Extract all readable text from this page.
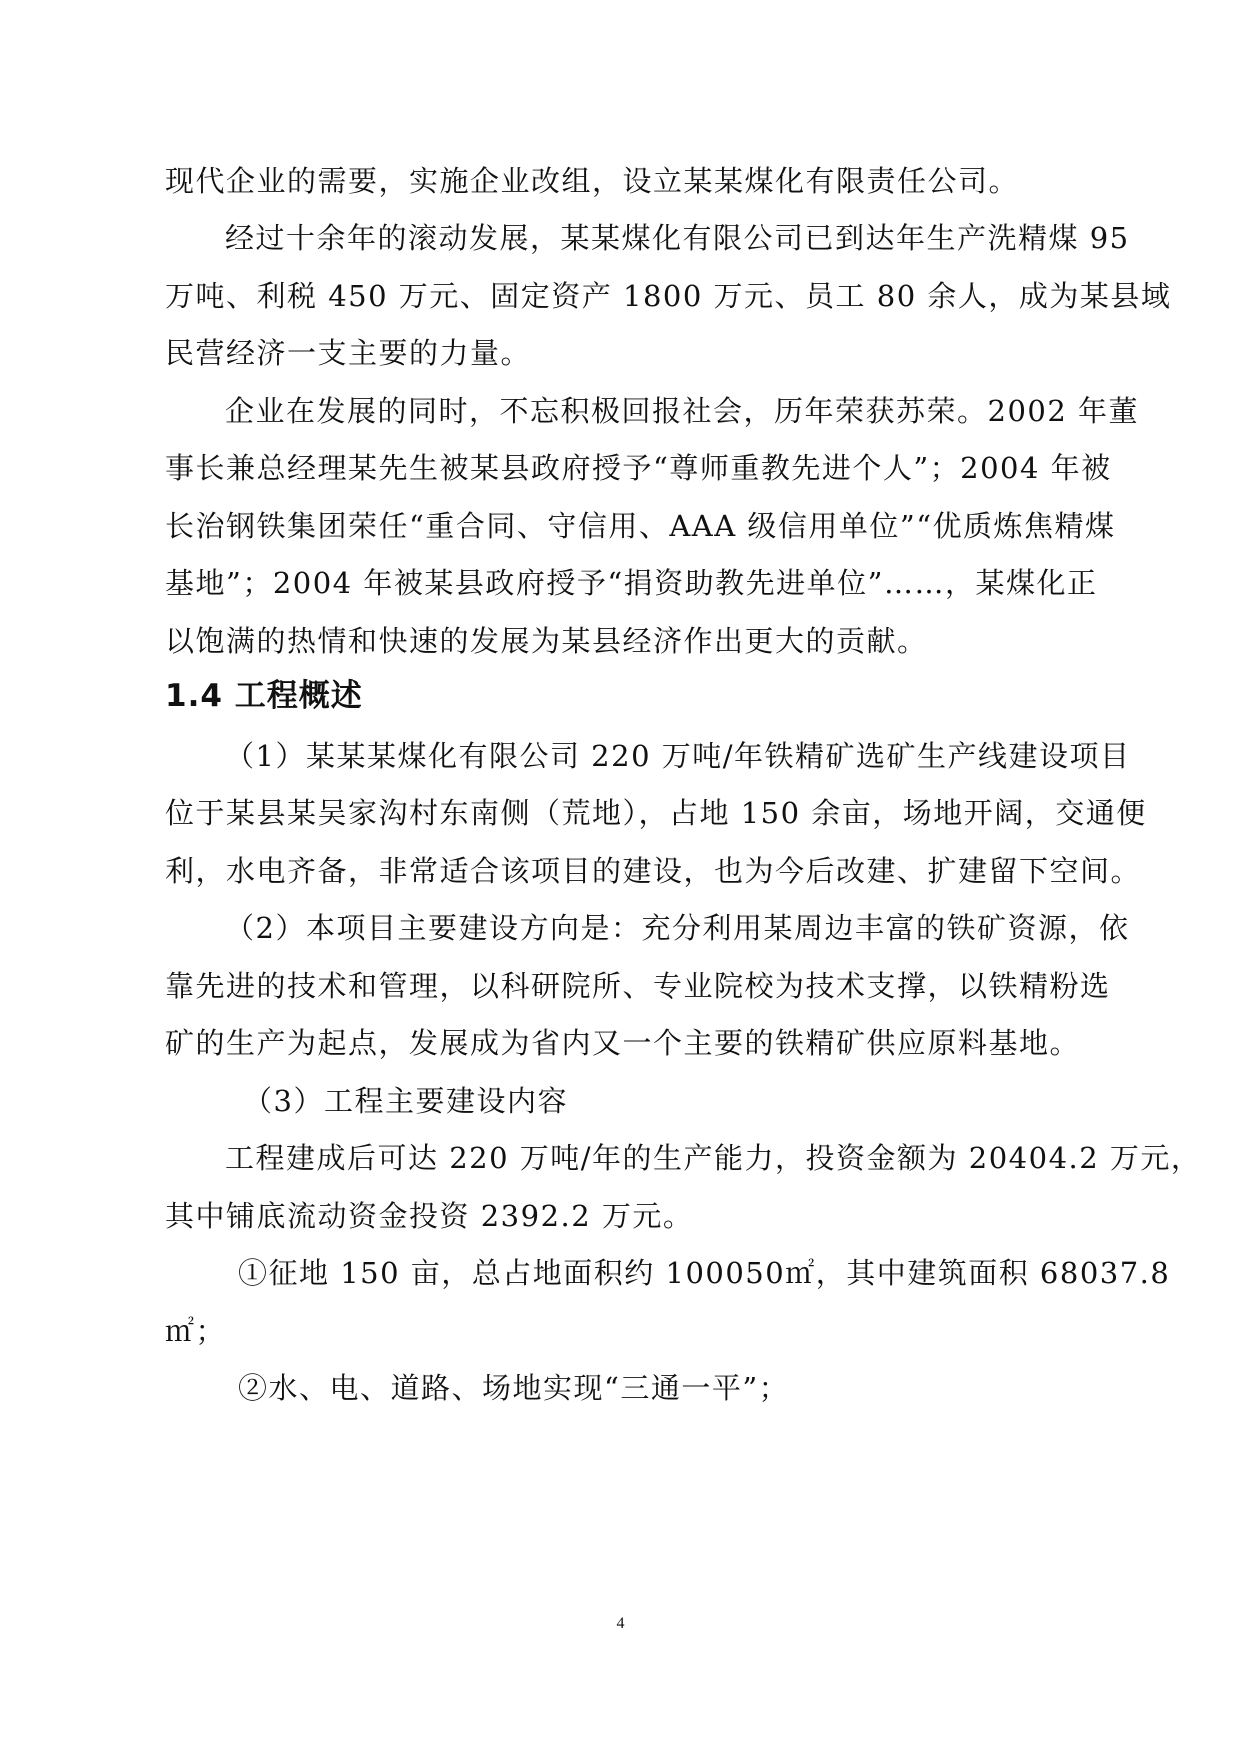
现代企业的需要，实施企业改组，设立某某煤化有限责任公司。
经过十余年的滚动发展，某某煤化有限公司已到达年生产洗精煤 95
万吨、利税 450 万元、固定资产 1800 万元、员工 80 余人，成为某县域
民营经济一支主要的力量。
企业在发展的同时，不忘积极回报社会，历年荣获苏荣。2002 年董
事长兼总经理某先生被某县政府授予“尊师重教先进个人”；2004 年被
长治钢铁集团荣任“重合同、守信用、AAA 级信用单位”“优质炼焦精煤
基地”；2004 年被某县政府授予“捐资助教先进单位”……，某煤化正
以饱满的热情和快速的发展为某县经济作出更大的贡献。
1.4 工程概述
（1）某某某煤化有限公司 220 万吨/年铁精矿选矿生产线建设项目
位于某县某吴家沟村东南侧（荒地），占地 150 余亩，场地开阔，交通便
利，水电齐备，非常适合该项目的建设，也为今后改建、扩建留下空间。
（2）本项目主要建设方向是：充分利用某周边丰富的铁矿资源，依
靠先进的技术和管理，以科研院所、专业院校为技术支撑，以铁精粉选
矿的生产为起点，发展成为省内又一个主要的铁精矿供应原料基地。
（3）工程主要建设内容
工程建成后可达 220 万吨/年的生产能力，投资金额为 20404.2 万元，
其中铺底流动资金投资 2392.2 万元。
①征地 150 亩，总占地面积约 100050㎡，其中建筑面积 68037.8
㎡；
②水、电、道路、场地实现“三通一平”；
4
